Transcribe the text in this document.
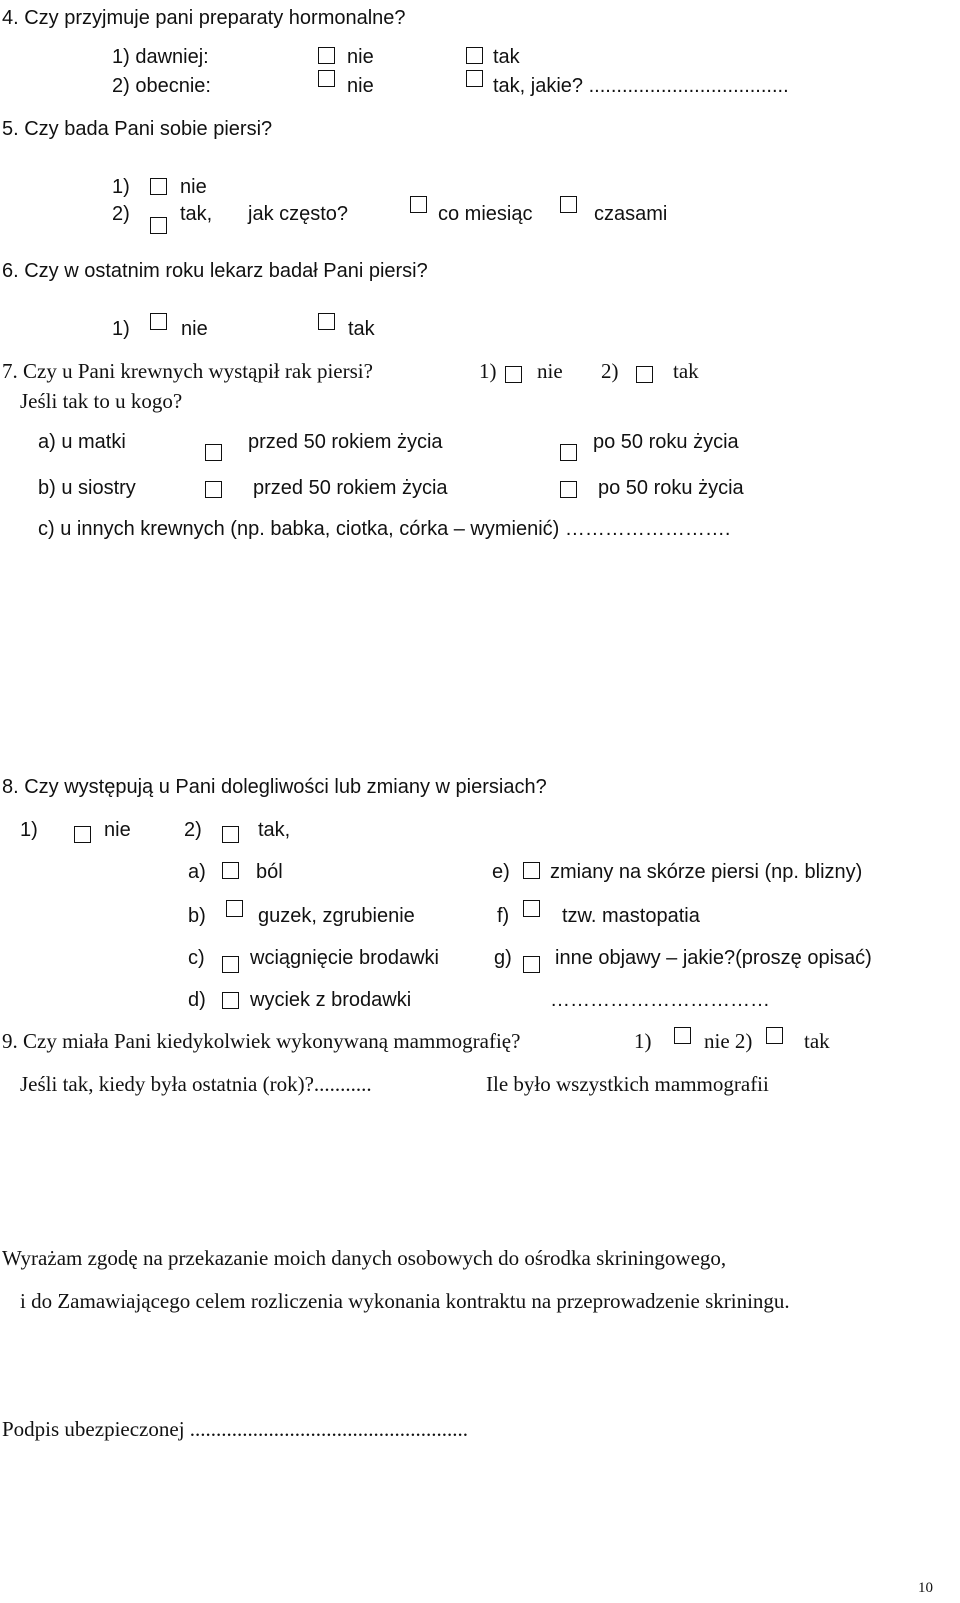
4. Czy przyjmuje pani preparaty hormonalne?
1) dawniej:	nie	tak
2) obecnie:	nie	tak, jakie? ....................................
5. Czy bada Pani sobie piersi?
1)	nie
2)	tak, jak często?	co miesiąc	czasami
6. Czy w ostatnim roku lekarz badał Pani piersi?
1)	nie	tak
7. Czy u Pani krewnych wystąpił rak piersi?	1) nie 2)	tak
Jeśli tak to u kogo?
a) u matki	przed 50 rokiem życia	po 50 roku życia
b) u siostry	przed 50 rokiem życia	po 50 roku życia
c) u innych krewnych (np. babka, ciotka, córka – wymienić) …………………….
8. Czy występują u Pani dolegliwości lub zmiany w piersiach?
1)	nie	2)	tak,
a)	ból	e) zmiany na skórze piersi (np. blizny)
b)	guzek, zgrubienie	f)	tzw. mastopatia
c) wciągnięcie brodawki	g) inne objawy – jakie?(proszę opisać)
d) wyciek z brodawki	……………………………
9. Czy miała Pani kiedykolwiek wykonywaną mammografię?	1)	nie 2) tak
Jeśli tak, kiedy była ostatnia (rok)?...........	Ile było wszystkich mammografii
Wyrażam zgodę na przekazanie moich danych osobowych do ośrodka skriningowego,
i do Zamawiającego celem rozliczenia wykonania kontraktu na przeprowadzenie skriningu.
Podpis ubezpieczonej .....................................................
10
